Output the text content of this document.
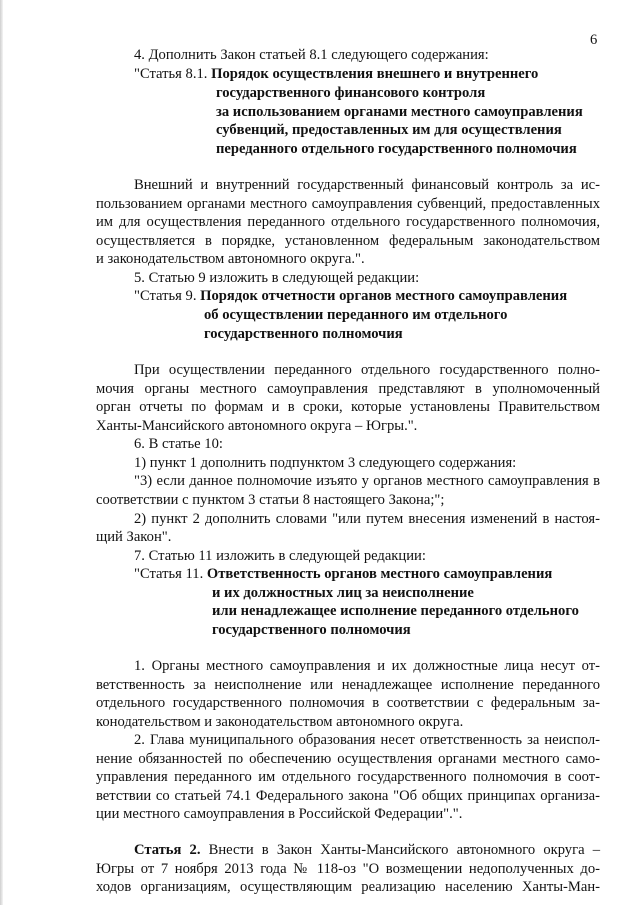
6
4. Дополнить Закон статьей 8.1 следующего содержания:
"Статья 8.1. Порядок осуществления внешнего и внутреннего
государственного финансового контроля
за использованием органами местного самоуправления
субвенций, предоставленных им для осуществления
переданного отдельного государственного полномочия
Внешний и внутренний государственный финансовый контроль за ис-
пользованием органами местного самоуправления субвенций, предоставленных
им для осуществления переданного отдельного государственного полномочия,
осуществляется в порядке, установленном федеральным законодательством
и законодательством автономного округа.".
5. Статью 9 изложить в следующей редакции:
"Статья 9. Порядок отчетности органов местного самоуправления
об осуществлении переданного им отдельного
государственного полномочия
При осуществлении переданного отдельного государственного полно-
мочия органы местного самоуправления представляют в уполномоченный
орган отчеты по формам и в сроки, которые установлены Правительством
Ханты-Мансийского автономного округа – Югры.".
6. В статье 10:
1) пункт 1 дополнить подпунктом 3 следующего содержания:
"3) если данное полномочие изъято у органов местного самоуправления в
соответствии с пунктом 3 статьи 8 настоящего Закона;";
2) пункт 2 дополнить словами "или путем внесения изменений в настоя-
щий Закон".
7. Статью 11 изложить в следующей редакции:
"Статья 11. Ответственность органов местного самоуправления
и их должностных лиц за неисполнение
или ненадлежащее исполнение переданного отдельного
государственного полномочия
1. Органы местного самоуправления и их должностные лица несут от-
ветственность за неисполнение или ненадлежащее исполнение переданного
отдельного государственного полномочия в соответствии с федеральным за-
конодательством и законодательством автономного округа.
2. Глава муниципального образования несет ответственность за неиспол-
нение обязанностей по обеспечению осуществления органами местного само-
управления переданного им отдельного государственного полномочия в соот-
ветствии со статьей 74.1 Федерального закона "Об общих принципах организа-
ции местного самоуправления в Российской Федерации".".
Статья 2. Внести в Закон Ханты-Мансийского автономного округа –
Югры от 7 ноября 2013 года № 118-оз "О возмещении недополученных до-
ходов организациям, осуществляющим реализацию населению Ханты-Ман-
